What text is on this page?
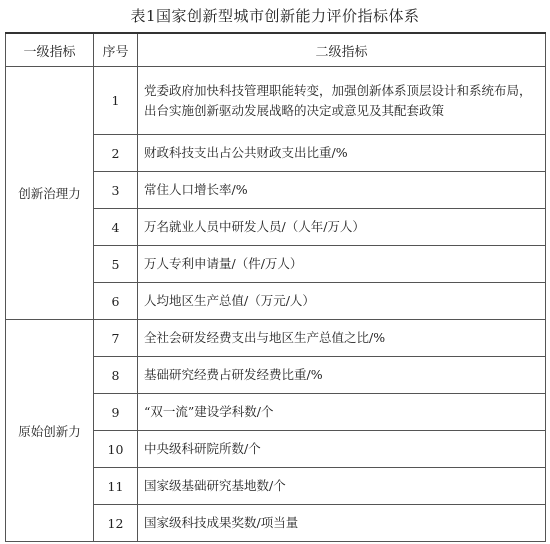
表1国家创新型城市创新能力评价指标体系
一级指标	序号	二级指标
创新治理力	1	党委政府加快科技管理职能转变，加强创新体系顶层设计和系统布局，出台实施创新驱动发展战略的决定或意见及其配套政策
	2	财政科技支出占公共财政支出比重/%
	3	常住人口增长率/%
	4	万名就业人员中研发人员/（人年/万人）
	5	万人专利申请量/（件/万人）
	6	人均地区生产总值/（万元/人）
原始创新力	7	全社会研发经费支出与地区生产总值之比/%
	8	基础研究经费占研发经费比重/%
	9	“双一流”建设学科数/个
	10	中央级科研院所数/个
	11	国家级基础研究基地数/个
	12	国家级科技成果奖数/项当量
